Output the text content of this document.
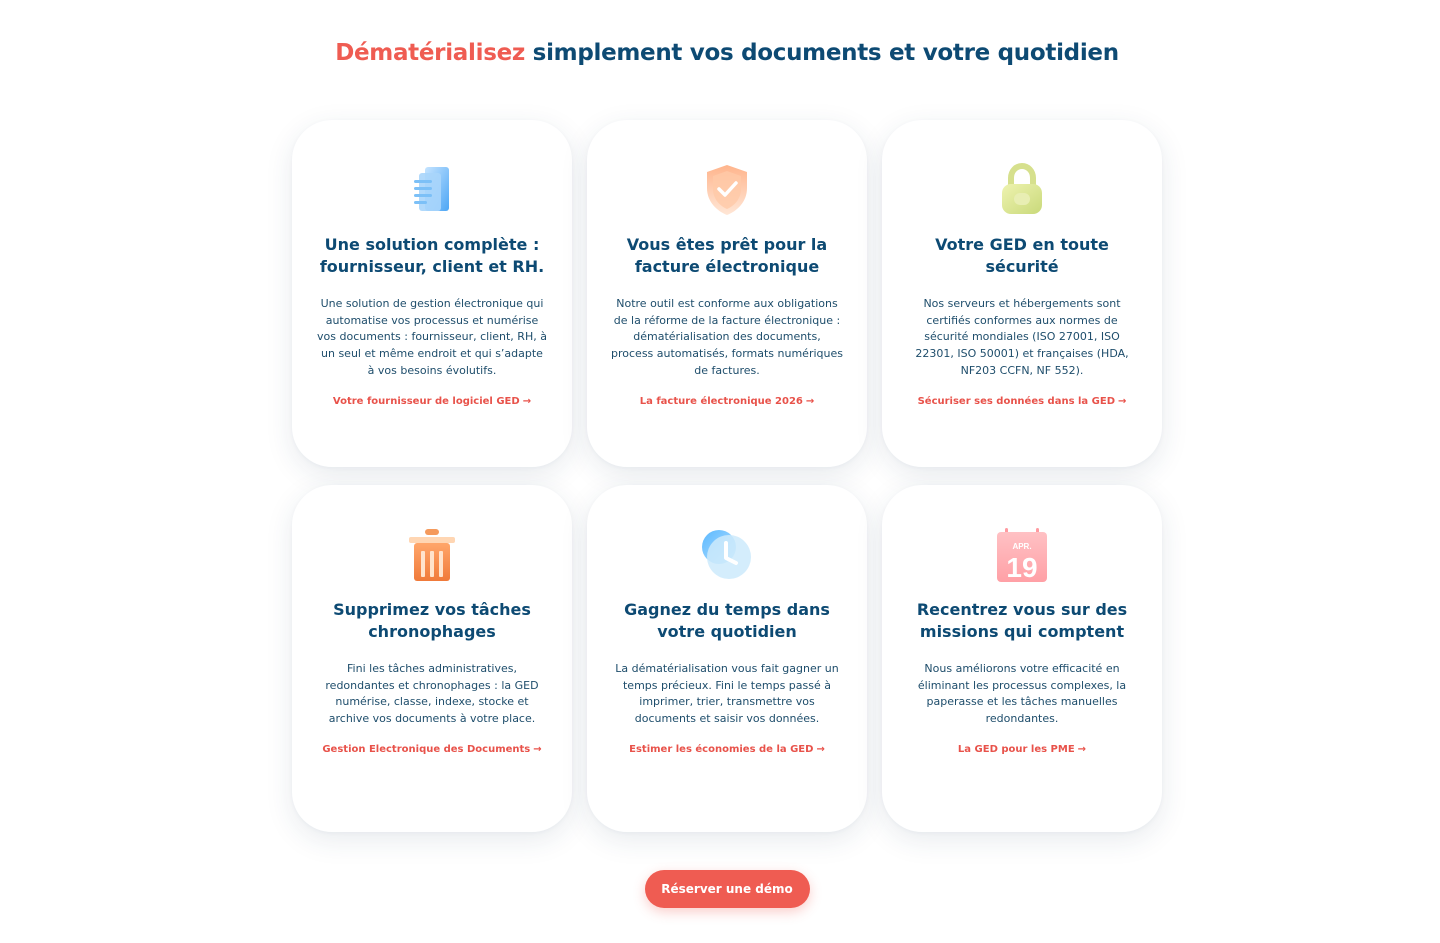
Dématérialisez simplement vos documents et votre quotidien
Une solution complète :
fournisseur, client et RH.
Une solution de gestion électronique qui automatise vos processus et numérise vos documents : fournisseur, client, RH, à un seul et même endroit et qui s’adapte à vos besoins évolutifs.
Votre fournisseur de logiciel GED →
Vous êtes prêt pour la
facture électronique
Notre outil est conforme aux obligations de la réforme de la facture électronique : dématérialisation des documents, process automatisés, formats numériques de factures.
La facture électronique 2026 →
Votre GED en toute
sécurité
Nos serveurs et hébergements sont certifiés conformes aux normes de sécurité mondiales (ISO 27001, ISO 22301, ISO 50001) et françaises (HDA, NF203 CCFN, NF 552).
Sécuriser ses données dans la GED →
Supprimez vos tâches
chronophages
Fini les tâches administratives, redondantes et chronophages : la GED numérise, classe, indexe, stocke et archive vos documents à votre place.
Gestion Electronique des Documents →
Gagnez du temps dans
votre quotidien
La dématérialisation vous fait gagner un temps précieux. Fini le temps passé à imprimer, trier, transmettre vos documents et saisir vos données.
Estimer les économies de la GED →
APR.
19
Recentrez vous sur des
missions qui comptent
Nous améliorons votre efficacité en éliminant les processus complexes, la paperasse et les tâches manuelles redondantes.
La GED pour les PME →
Réserver une démo
